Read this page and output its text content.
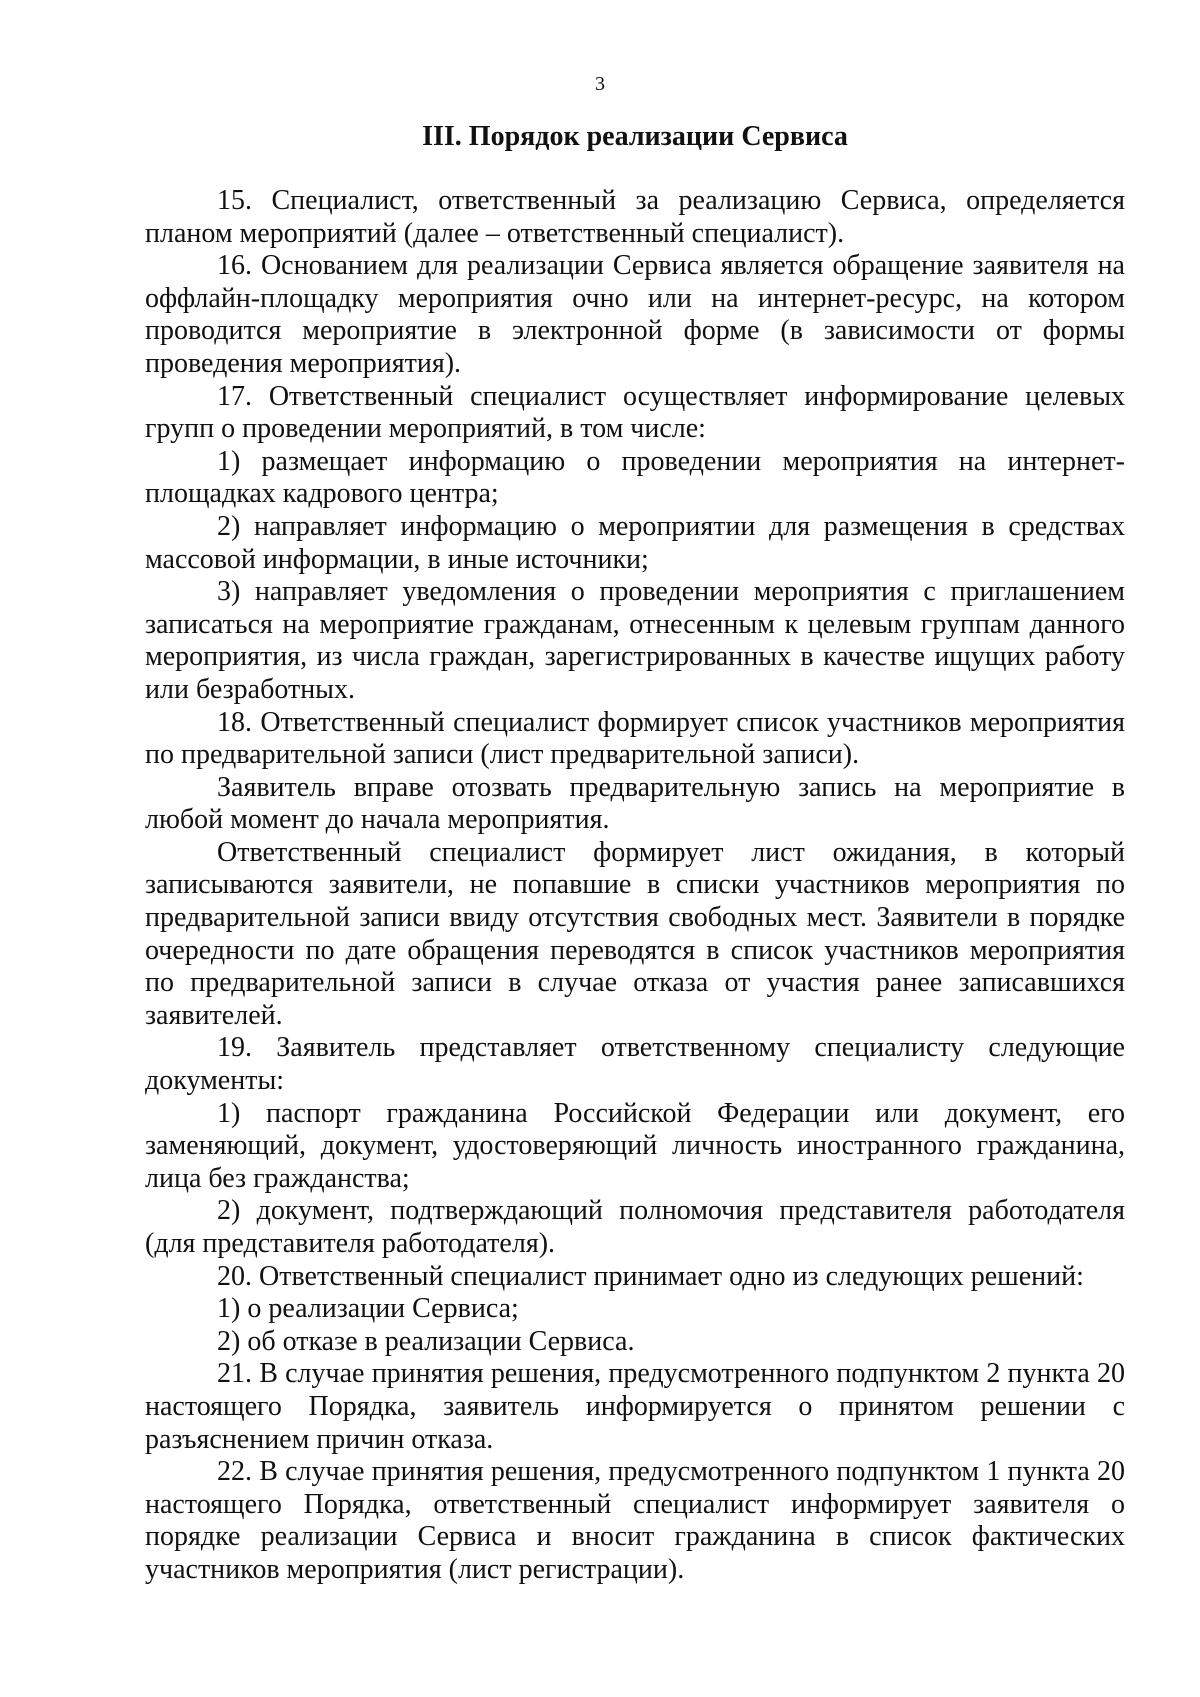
3
III. Порядок реализации Сервиса

15. Специалист, ответственный за реализацию Сервиса, определяется планом мероприятий (далее – ответственный специалист).

16. Основанием для реализации Сервиса является обращение заявителя на оффлайн-площадку мероприятия очно или на интернет-ресурс, на котором проводится мероприятие в электронной форме (в зависимости от формы проведения мероприятия).

17. Ответственный специалист осуществляет информирование целевых групп о проведении мероприятий, в том числе:

1) размещает информацию о проведении мероприятия на интернет-площадках кадрового центра;

2) направляет информацию о мероприятии для размещения в средствах массовой информации, в иные источники;

3) направляет уведомления о проведении мероприятия с приглашением записаться на мероприятие гражданам, отнесенным к целевым группам данного мероприятия, из числа граждан, зарегистрированных в качестве ищущих работу или безработных.

18. Ответственный специалист формирует список участников мероприятия по предварительной записи (лист предварительной записи).

Заявитель вправе отозвать предварительную запись на мероприятие в любой момент до начала мероприятия.

Ответственный специалист формирует лист ожидания, в который записываются заявители, не попавшие в списки участников мероприятия по предварительной записи ввиду отсутствия свободных мест. Заявители в порядке очередности по дате обращения переводятся в список участников мероприятия по предварительной записи в случае отказа от участия ранее записавшихся заявителей.

19. Заявитель представляет ответственному специалисту следующие документы:

1) паспорт гражданина Российской Федерации или документ, его заменяющий, документ, удостоверяющий личность иностранного гражданина, лица без гражданства;

2) документ, подтверждающий полномочия представителя работодателя (для представителя работодателя).

20. Ответственный специалист принимает одно из следующих решений:

1) о реализации Сервиса;

2) об отказе в реализации Сервиса.

21. В случае принятия решения, предусмотренного подпунктом 2 пункта 20 настоящего Порядка, заявитель информируется о принятом решении с разъяснением причин отказа.

22. В случае принятия решения, предусмотренного подпунктом 1 пункта 20 настоящего Порядка, ответственный специалист информирует заявителя о порядке реализации Сервиса и вносит гражданина в список фактических участников мероприятия (лист регистрации).
